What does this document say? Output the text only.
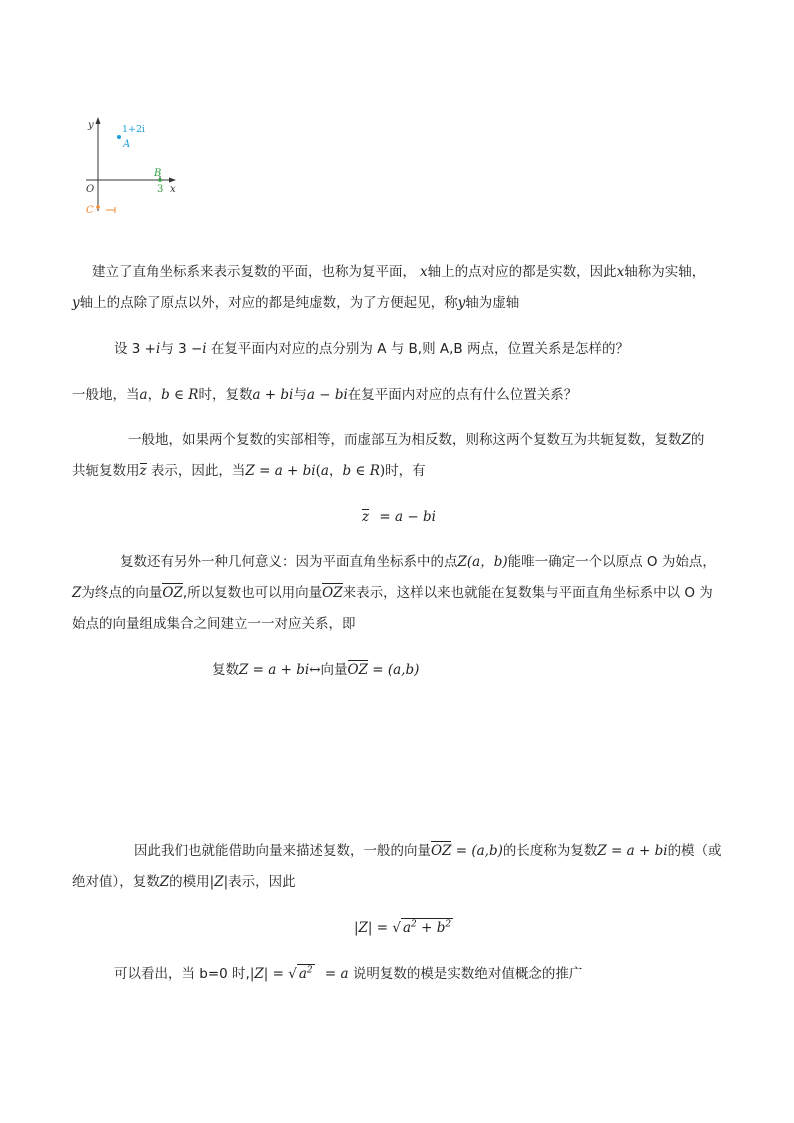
y
x
O
1+2i
A
B
3
C
建立了直角坐标系来表示复数的平面，也称为复平面， x轴上的点对应的都是实数，因此x轴称为实轴，
y轴上的点除了原点以外，对应的都是纯虚数，为了方便起见，称y轴为虚轴
设 3 +i与 3 −i 在复平面内对应的点分别为 A 与 B,则 A,B 两点，位置关系是怎样的？
一般地，当a，b ∈ R时，复数a + bi与a − bi在复平面内对应的点有什么位置关系？
一般地，如果两个复数的实部相等，而虚部互为相反数，则称这两个复数互为共轭复数，复数Z的
共轭复数用z 表示，因此，当Z = a + bi(a，b ∈ R)时，有
z = a − bi
复数还有另外一种几何意义：因为平面直角坐标系中的点Z(a，b)能唯一确定一个以原点 O 为始点，
Z为终点的向量OZ,所以复数也可以用向量OZ来表示，这样以来也就能在复数集与平面直角坐标系中以 O 为
始点的向量组成集合之间建立一一对应关系，即
复数Z = a + bi↔向量OZ = (a,b)
因此我们也就能借助向量来描述复数，一般的向量OZ = (a,b)的长度称为复数Z = a + bi的模（或
绝对值），复数Z的模用|Z|表示，因此
|Z| = √ $a^2 + b^2$
可以看出，当 b=0 时,|Z| = √ $a^2 = a$ 说明复数的模是实数绝对值概念的推广
